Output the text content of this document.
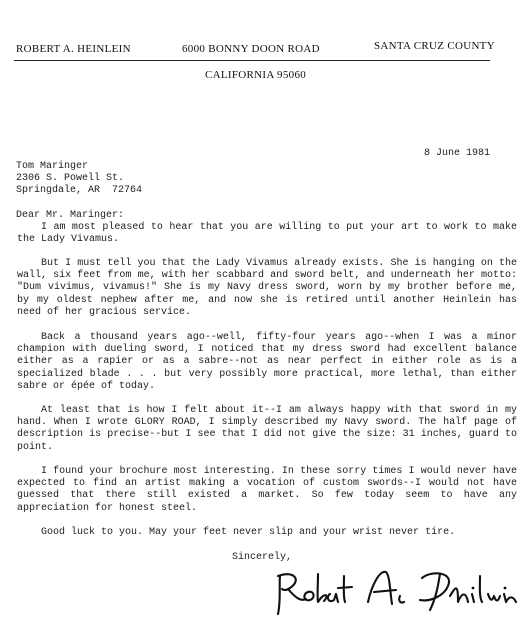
ROBERT A. HEINLEIN	6000 BONNY DOON ROAD	SANTA CRUZ COUNTY
CALIFORNIA 95060
8 June 1981
Tom Maringer
2306 S. Powell St.
Springdale, AR  72764
Dear Mr. Maringer:
I am most pleased to hear that you are willing to put your art to work to make the Lady Vivamus.
But I must tell you that the Lady Vivamus already exists. She is hanging on the wall, six feet from me, with her scabbard and sword belt, and underneath her motto: "Dum vivimus, vivamus!" She is my Navy dress sword, worn by my brother before me, by my oldest nephew after me, and now she is retired until another Heinlein has need of her gracious service.
Back a thousand years ago--well, fifty-four years ago--when I was a minor champion with dueling sword, I noticed that my dress sword had excellent balance either as a rapier or as a sabre--not as near perfect in either role as is a specialized blade . . . but very possibly more practical, more lethal, than either sabre or épée of today.
At least that is how I felt about it--I am always happy with that sword in my hand. When I wrote GLORY ROAD, I simply described my Navy sword. The half page of description is precise--but I see that I did not give the size: 31 inches, guard to point.
I found your brochure most interesting. In these sorry times I would never have expected to find an artist making a vocation of custom swords--I would not have guessed that there still existed a market. So few today seem to have any appreciation for honest steel.
Good luck to you. May your feet never slip and your wrist never tire.
Sincerely,
